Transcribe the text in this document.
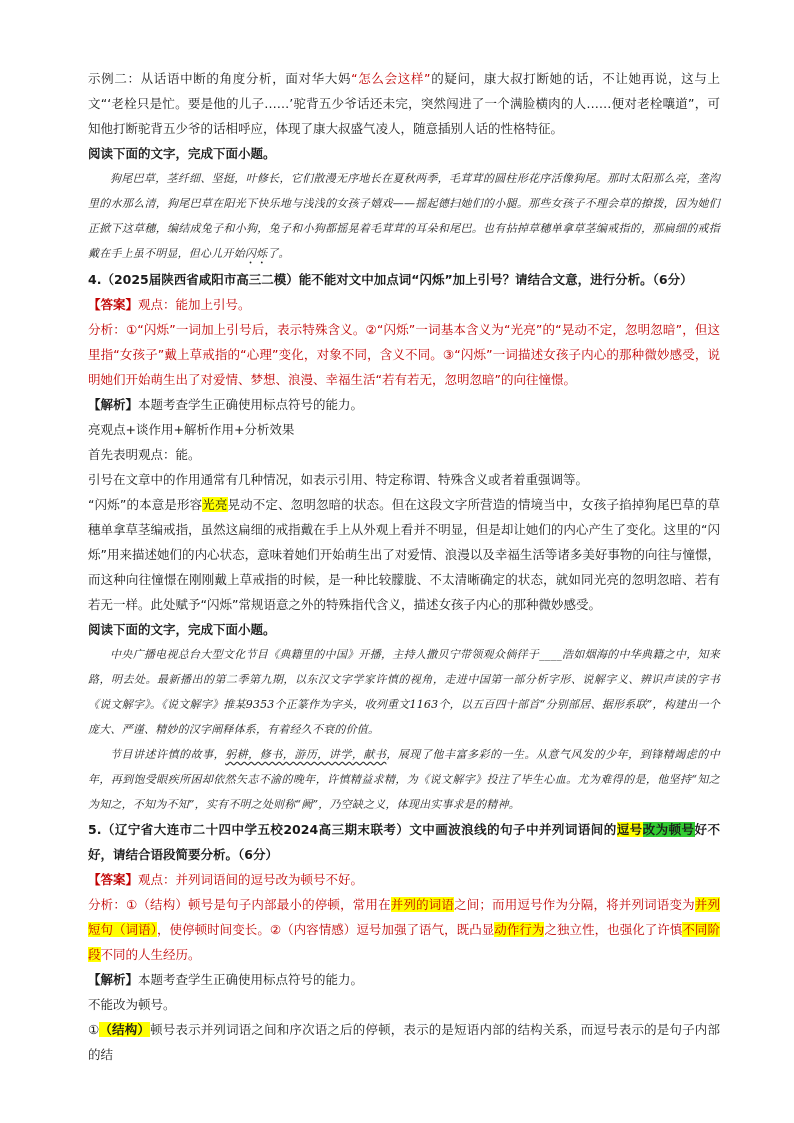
示例二：从话语中断的角度分析，面对华大妈“怎么会这样”的疑问，康大叔打断她的话，不让她再说，这与上文“‘老栓只是忙。要是他的儿子……’驼背五少爷话还未完，突然闯进了一个满脸横肉的人……便对老栓嚷道”，可知他打断驼背五少爷的话相呼应，体现了康大叔盛气凌人，随意插别人话的性格特征。

阅读下面的文字，完成下面小题。

狗尾巴草，茎纤细、坚挺，叶修长，它们散漫无序地长在夏秋两季，毛茸茸的圆柱形花序活像狗尾。那时太阳那么亮，垄沟里的水那么清，狗尾巴草在阳光下快乐地与浅浅的女孩子嬉戏——摇起德扫她们的小腿。那些女孩子不理会草的撩拨，因为她们正掀下这草穗，编结成兔子和小狗，兔子和小狗都摇晃着毛茸茸的耳朵和尾巴。也有拈掉草穗单拿草茎编戒指的，那扁细的戒指戴在手上虽不明显，但心儿开始闪烁了。

4.（2025届陕西省咸阳市高三二模）能不能对文中加点词“闪烁”加上引号？请结合文意，进行分析。（6分）

【答案】观点：能加上引号。

分析：①“闪烁”一词加上引号后，表示特殊含义。②“闪烁”一词基本含义为“光亮”的“晃动不定，忽明忽暗”，但这里指“女孩子”戴上草戒指的“心理”变化，对象不同，含义不同。③“闪烁”一词描述女孩子内心的那种微妙感受，说明她们开始萌生出了对爱情、梦想、浪漫、幸福生活“若有若无，忽明忽暗”的向往憧憬。

【解析】本题考查学生正确使用标点符号的能力。

亮观点+谈作用+解析作用+分析效果

首先表明观点：能。

引号在文章中的作用通常有几种情况，如表示引用、特定称谓、特殊含义或者着重强调等。

“闪烁”的本意是形容光亮晃动不定、忽明忽暗的状态。但在这段文字所营造的情境当中，女孩子掐掉狗尾巴草的草穗单拿草茎编戒指，虽然这扁细的戒指戴在手上从外观上看并不明显，但是却让她们的内心产生了变化。这里的“闪烁”用来描述她们的内心状态，意味着她们开始萌生出了对爱情、浪漫以及幸福生活等诸多美好事物的向往与憧憬，而这种向往憧憬在刚刚戴上草戒指的时候，是一种比较朦胧、不太清晰确定的状态，就如同光亮的忽明忽暗、若有若无一样。此处赋予“闪烁”常规语意之外的特殊指代含义，描述女孩子内心的那种微妙感受。

阅读下面的文字，完成下面小题。

中央广播电视总台大型文化节目《典籍里的中国》开播，主持人撒贝宁带领观众倘徉于____浩如烟海的中华典籍之中，知来路，明去处。最新播出的第二季第九期，以东汉文字学家许慎的视角，走进中国第一部分析字形、说解字义、辨识声读的字书《说文解字》。《说文解字》推某9353个正篆作为字头，收列重文1163个，以五百四十部首“分别部居、据形系联”，构建出一个庞大、严谨、精妙的汉字阐释体系，有着经久不衰的价值。

节目讲述许慎的故事，躬耕，修书，游历，讲学，献书，展现了他丰富多彩的一生。从意气风发的少年，到锋精竭虑的中年，再到饱受眼疾所困却依然矢志不渝的晚年，许慎精益求精，为《说文解字》投注了毕生心血。尤为难得的是，他坚持“知之为知之，不知为不知”，实有不明之处则称“阙”，乃空缺之义，体现出实事求是的精神。

5.（辽宁省大连市二十四中学五校2024高三期末联考）文中画波浪线的句子中并列词语间的逗号改为顿号好不好，请结合语段简要分析。（6分）

【答案】观点：并列词语间的逗号改为顿号不好。

分析：①（结构）顿号是句子内部最小的停顿，常用在并列的词语之间；而用逗号作为分隔，将并列词语变为并列短句（词语），使停顿时间变长。②（内容情感）逗号加强了语气，既凸显动作行为之独立性，也强化了许慎不同阶段不同的人生经历。

【解析】本题考查学生正确使用标点符号的能力。

不能改为顿号。

①（结构）顿号表示并列词语之间和序次语之后的停顿，表示的是短语内部的结构关系，而逗号表示的是句子内部的结
